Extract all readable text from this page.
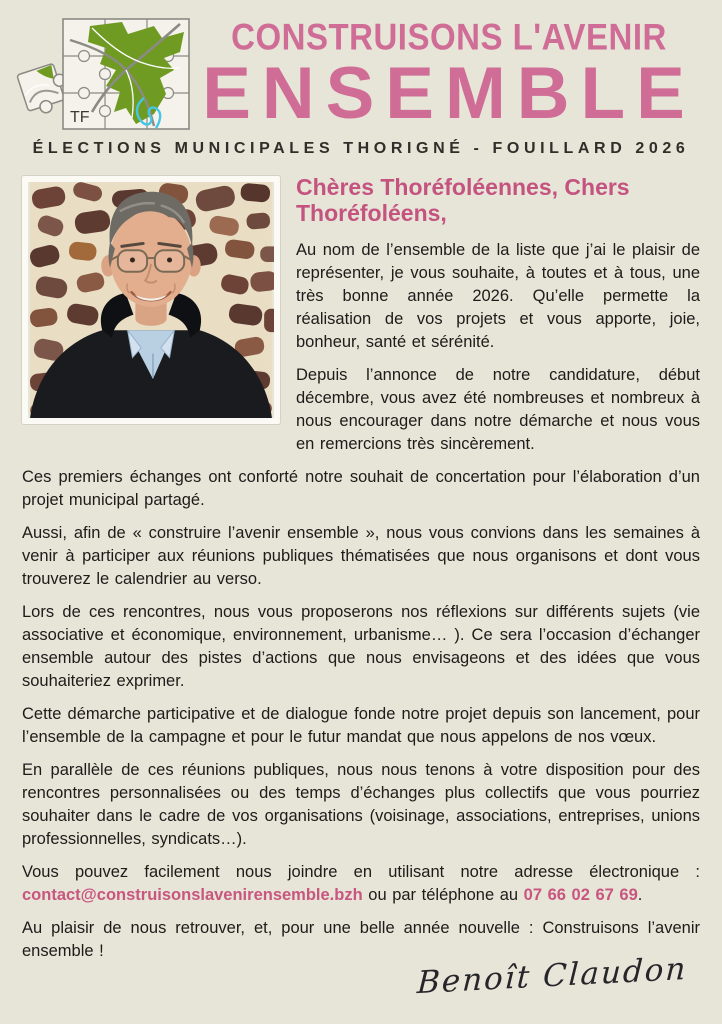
TF
CONSTRUISONS L'AVENIR
ENSEMBLE
ÉLECTIONS MUNICIPALES THORIGNÉ - FOUILLARD 2026
Chères Thoréfoléennes, Chers Thoréfoléens,

Au nom de l’ensemble de la liste que j’ai le plaisir de représenter, je vous souhaite, à toutes et à tous, une très bonne année 2026. Qu’elle permette la réalisation de vos projets et vous apporte, joie, bonheur, santé et sérénité.

Depuis l’annonce de notre candidature, début décembre, vous avez été nombreuses et nombreux à nous encourager dans notre démarche et nous vous en remercions très sincèrement.

Ces premiers échanges ont conforté notre souhait de concertation pour l’élaboration d’un projet municipal partagé.

Aussi, afin de « construire l’avenir ensemble », nous vous convions dans les semaines à venir à participer aux réunions publiques thématisées que nous organisons et dont vous trouverez le calendrier au verso.

Lors de ces rencontres, nous vous proposerons nos réflexions sur différents sujets (vie associative et économique, environnement, urbanisme… ). Ce sera l’occasion d’échanger ensemble autour des pistes d’actions que nous envisageons et des idées que vous souhaiteriez exprimer.

Cette démarche participative et de dialogue fonde notre projet depuis son lancement, pour l’ensemble de la campagne et pour le futur mandat que nous appelons de nos vœux.

En parallèle de ces réunions publiques, nous nous tenons à votre disposition pour des rencontres personnalisées ou des temps d’échanges plus collectifs que vous pourriez souhaiter dans le cadre de vos organisations (voisinage, associations, entreprises, unions professionnelles, syndicats…).

Vous pouvez facilement nous joindre en utilisant notre adresse électronique : contact@construisonslavenirensemble.bzh ou par téléphone au 07 66 02 67 69.

Au plaisir de nous retrouver, et, pour une belle année nouvelle : Construisons l’avenir ensemble !	Benoît Claudon
